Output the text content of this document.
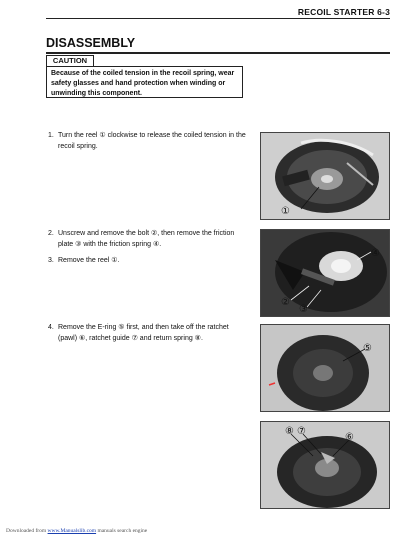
RECOIL STARTER 6-3
DISASSEMBLY
CAUTION
Because of the coiled tension in the recoil spring, wear safety glasses and hand protection when winding or unwinding this component.
1. Turn the reel ① clockwise to release the coiled tension in the recoil spring.
2. Unscrew and remove the bolt ②, then remove the friction plate ③ with the friction spring ④.
3. Remove the reel ①.
4. Remove the E-ring ⑤ first, and then take off the ratchet (pawl) ⑥, ratchet guide ⑦ and return spring ⑧.
①
④
②
③
⑤
⑧ ⑦
⑥
Downloaded from www.Manualslib.com manuals search engine
